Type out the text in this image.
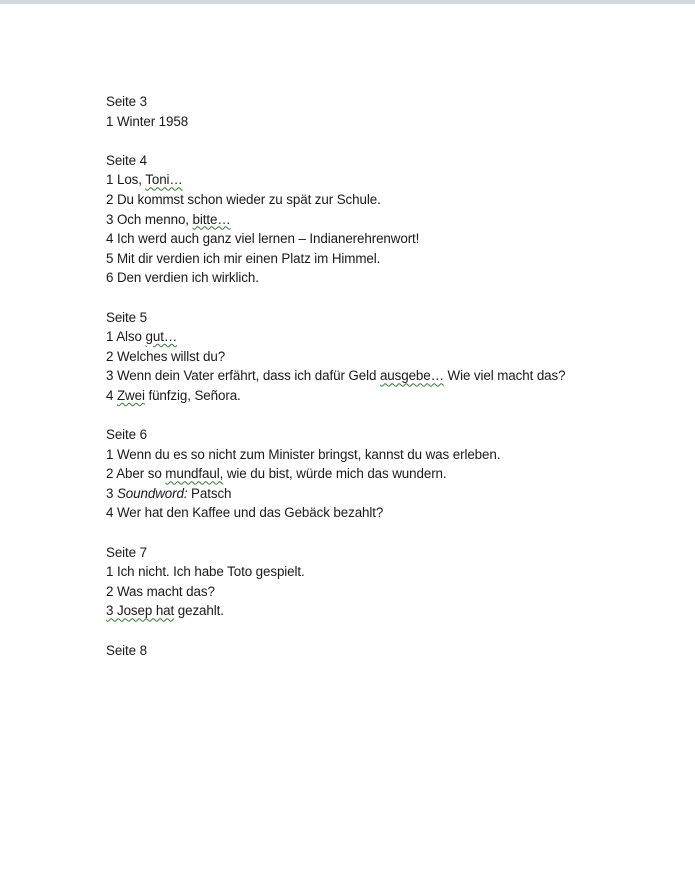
Seite 3
1 Winter 1958
Seite 4
1 Los, Toni…
2 Du kommst schon wieder zu spät zur Schule.
3 Och menno, bitte…
4 Ich werd auch ganz viel lernen – Indianerehrenwort!
5 Mit dir verdien ich mir einen Platz im Himmel.
6 Den verdien ich wirklich.
Seite 5
1 Also gut…
2 Welches willst du?
3 Wenn dein Vater erfährt, dass ich dafür Geld ausgebe… Wie viel macht das?
4 Zwei fünfzig, Señora.
Seite 6
1 Wenn du es so nicht zum Minister bringst, kannst du was erleben.
2 Aber so mundfaul, wie du bist, würde mich das wundern.
3 Soundword: Patsch
4 Wer hat den Kaffee und das Gebäck bezahlt?
Seite 7
1 Ich nicht. Ich habe Toto gespielt.
2 Was macht das?
3 Josep hat gezahlt.
Seite 8
